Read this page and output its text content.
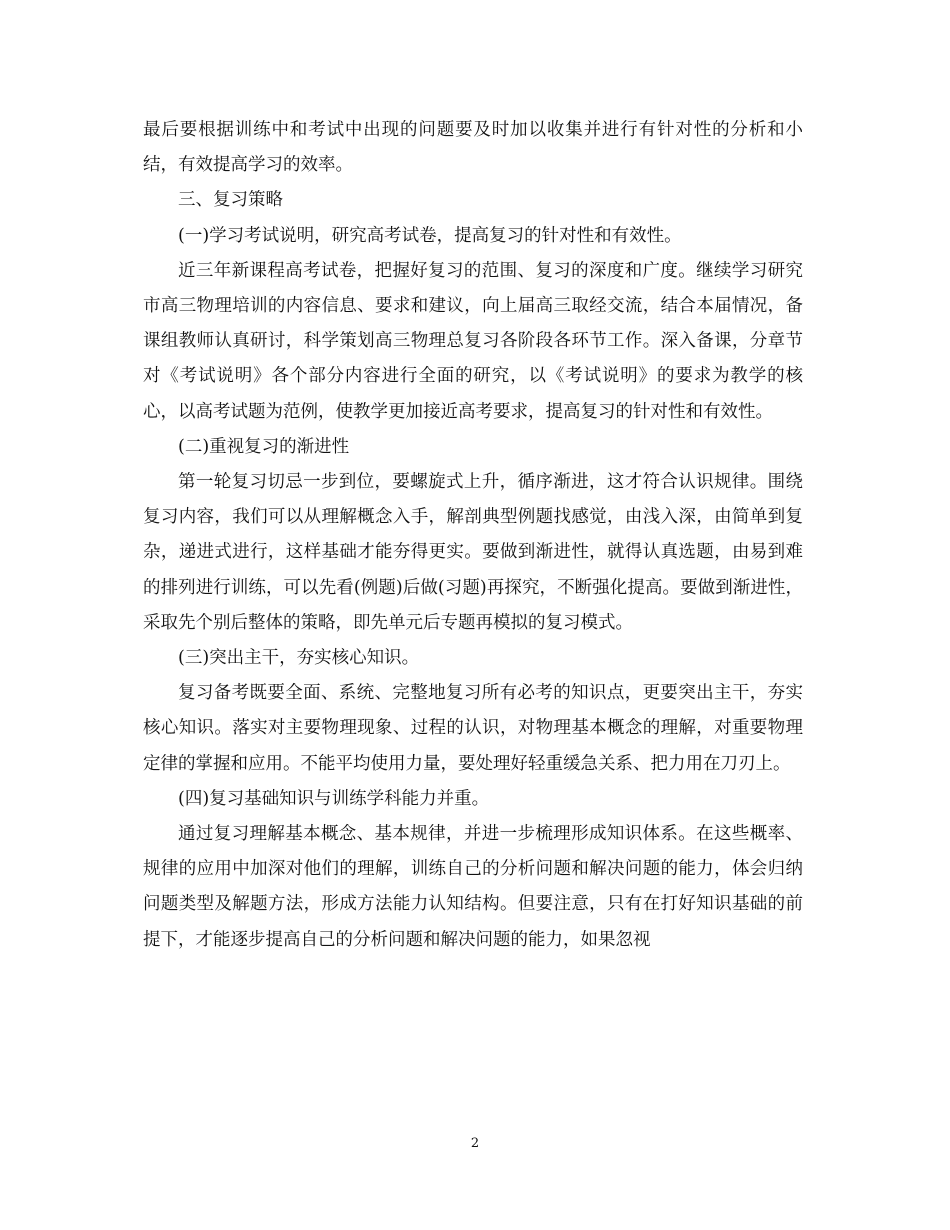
最后要根据训练中和考试中出现的问题要及时加以收集并进行有针对性的分析和小结，有效提高学习的效率。

三、复习策略

(一)学习考试说明，研究高考试卷，提高复习的针对性和有效性。

近三年新课程高考试卷，把握好复习的范围、复习的深度和广度。继续学习研究市高三物理培训的内容信息、要求和建议，向上届高三取经交流，结合本届情况，备课组教师认真研讨，科学策划高三物理总复习各阶段各环节工作。深入备课，分章节对《考试说明》各个部分内容进行全面的研究，以《考试说明》的要求为教学的核心，以高考试题为范例，使教学更加接近高考要求，提高复习的针对性和有效性。

(二)重视复习的渐进性

第一轮复习切忌一步到位，要螺旋式上升，循序渐进，这才符合认识规律。围绕复习内容，我们可以从理解概念入手，解剖典型例题找感觉，由浅入深，由简单到复杂，递进式进行，这样基础才能夯得更实。要做到渐进性，就得认真选题，由易到难的排列进行训练，可以先看(例题)后做(习题)再探究，不断强化提高。要做到渐进性，采取先个别后整体的策略，即先单元后专题再模拟的复习模式。

(三)突出主干，夯实核心知识。

复习备考既要全面、系统、完整地复习所有必考的知识点，更要突出主干，夯实核心知识。落实对主要物理现象、过程的认识，对物理基本概念的理解，对重要物理定律的掌握和应用。不能平均使用力量，要处理好轻重缓急关系、把力用在刀刃上。

(四)复习基础知识与训练学科能力并重。

通过复习理解基本概念、基本规律，并进一步梳理形成知识体系。在这些概率、规律的应用中加深对他们的理解，训练自己的分析问题和解决问题的能力，体会归纳问题类型及解题方法，形成方法能力认知结构。但要注意，只有在打好知识基础的前提下，才能逐步提高自己的分析问题和解决问题的能力，如果忽视

2
